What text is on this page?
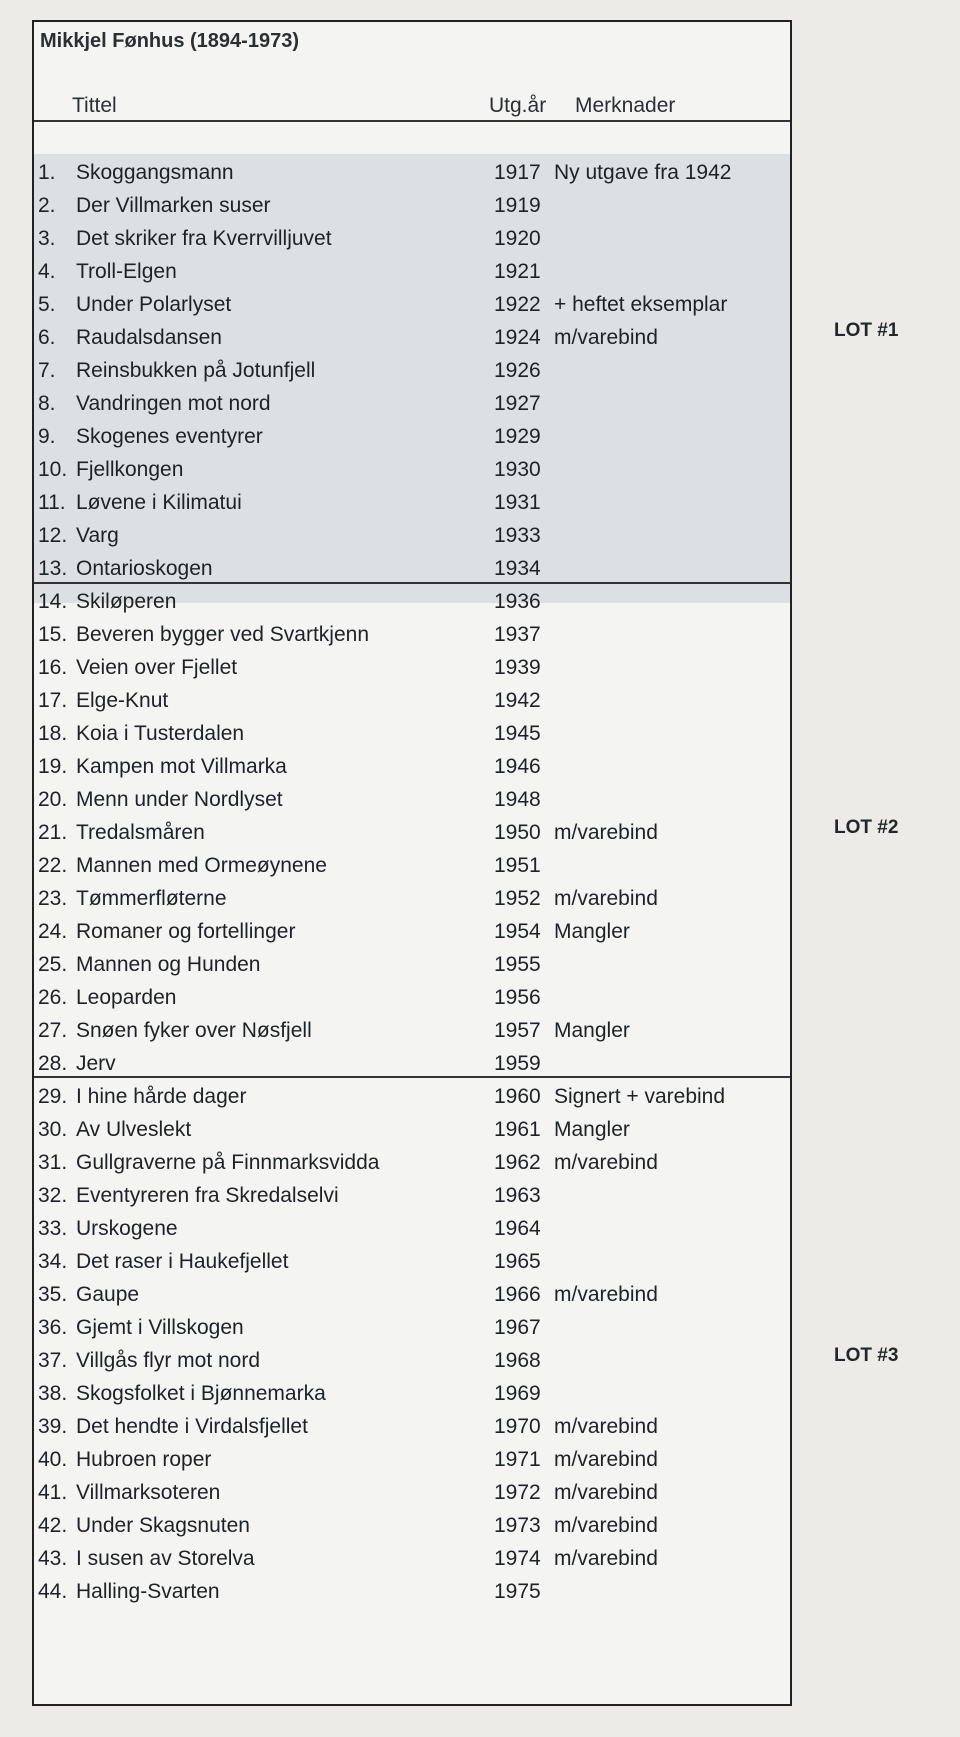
Mikkjel Fønhus (1894-1973)
Tittel	Utg.år Merknader
1. Skoggangsmann	1917 Ny utgave fra 1942
2. Der Villmarken suser	1919
3. Det skriker fra Kverrvilljuvet	1920
4. Troll-Elgen	1921
5. Under Polarlyset	1922 + heftet eksemplar
6. Raudalsdansen	1924 m/varebind
7. Reinsbukken på Jotunfjell	1926
8. Vandringen mot nord	1927
9. Skogenes eventyrer	1929
10. Fjellkongen	1930
11. Løvene i Kilimatui	1931
12. Varg	1933
13. Ontarioskogen	1934
14. Skiløperen	1936
15. Beveren bygger ved Svartkjenn	1937
16. Veien over Fjellet	1939
17. Elge-Knut	1942
18. Koia i Tusterdalen	1945
19. Kampen mot Villmarka	1946
20. Menn under Nordlyset	1948
21. Tredalsmåren	1950 m/varebind
22. Mannen med Ormeøynene	1951
23. Tømmerfløterne	1952 m/varebind
24. Romaner og fortellinger	1954 Mangler
25. Mannen og Hunden	1955
26. Leoparden	1956
27. Snøen fyker over Nøsfjell	1957 Mangler
28. Jerv	1959
29. I hine hårde dager	1960 Signert + varebind
30. Av Ulveslekt	1961 Mangler
31. Gullgraverne på Finnmarksvidda	1962 m/varebind
32. Eventyreren fra Skredalselvi	1963
33. Urskogene	1964
34. Det raser i Haukefjellet	1965
35. Gaupe	1966 m/varebind
36. Gjemt i Villskogen	1967
37. Villgås flyr mot nord	1968
38. Skogsfolket i Bjønnemarka	1969
39. Det hendte i Virdalsfjellet	1970 m/varebind
40. Hubroen roper	1971 m/varebind
41. Villmarksoteren	1972 m/varebind
42. Under Skagsnuten	1973 m/varebind
43. I susen av Storelva	1974 m/varebind
44. Halling-Svarten	1975
LOT #1
LOT #2
LOT #3
